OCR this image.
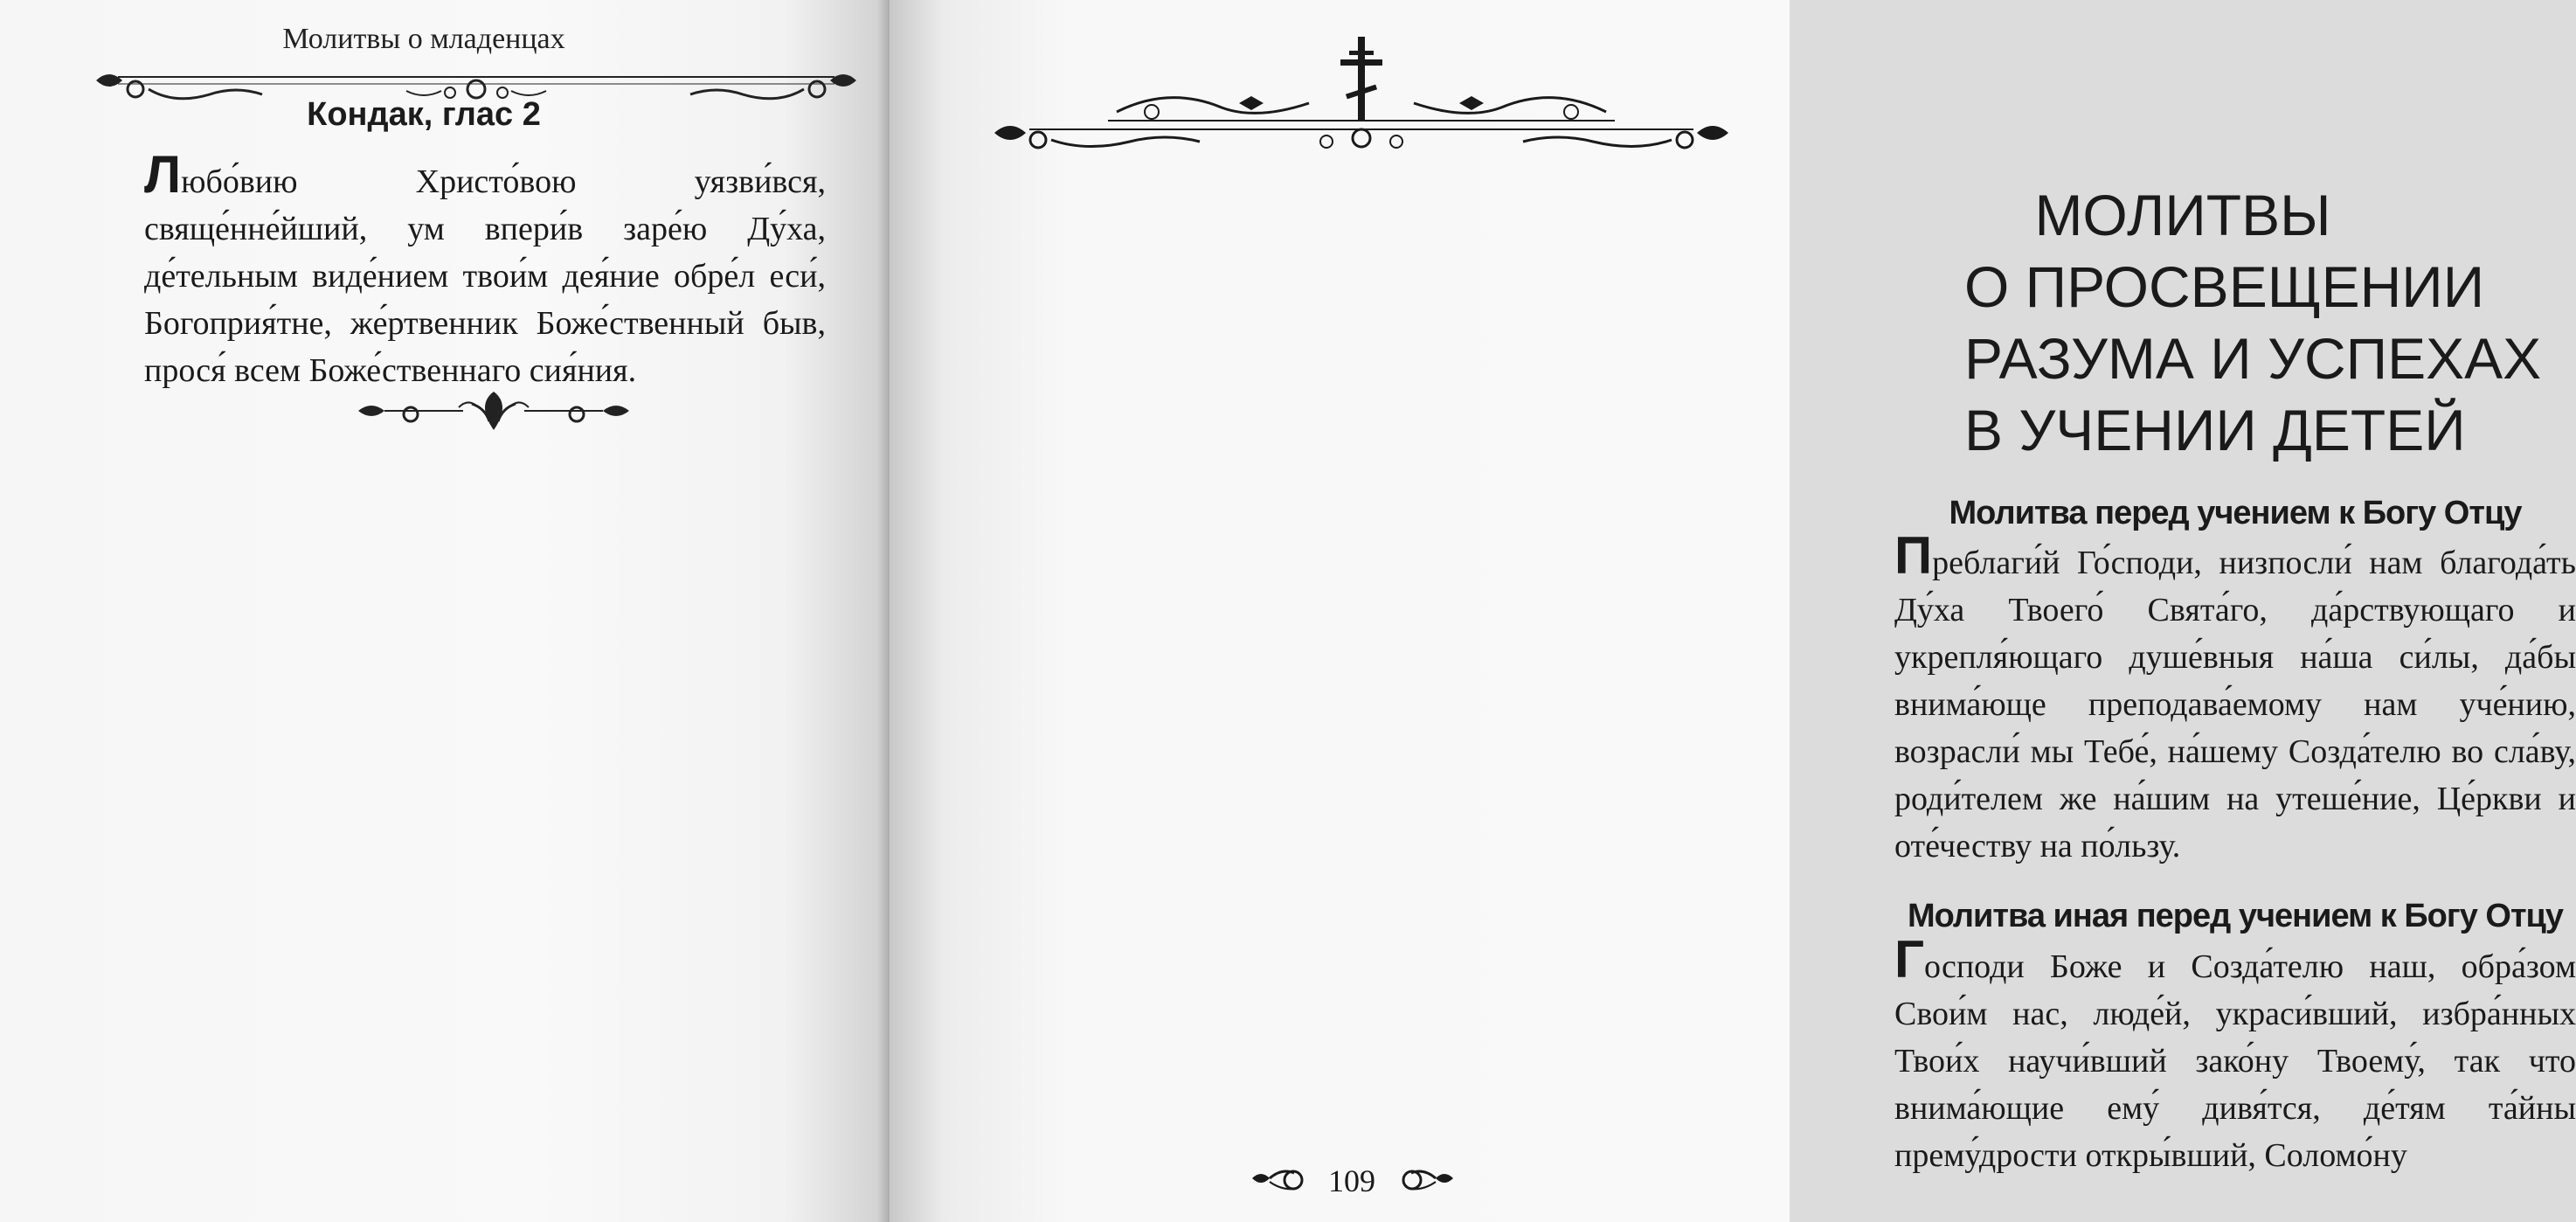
Молитвы о младенцах
Кондак, глас 2
Любо́вию Христо́вою уязви́вся, свяще́нне́йший, ум впери́в заре́ю Ду́ха, де́тельным виде́нием твои́м дея́ние обре́л еси́, Богоприя́тне, же́ртвенник Боже́ственный быв, прося́ всем Боже́ственнаго сия́ния.
МОЛИТВЫ
О ПРОСВЕЩЕНИИ
РАЗУМА И УСПЕХАХ
В УЧЕНИИ ДЕТЕЙ
Молитва перед учением к Богу Отцу
Преблаги́й Го́споди, низпосли́ нам благода́ть Ду́ха Твоего́ Свята́го, да́рствующаго и укрепля́ющаго душе́вныя на́ша си́лы, да́бы внима́юще преподава́емому нам уче́нию, возрасли́ мы Тебе́, на́шему Созда́телю во сла́ву, роди́телем же на́шим на утеше́ние, Це́ркви и оте́честву на по́льзу.
Молитва иная перед учением к Богу Отцу
Господи Боже и Созда́телю наш, обра́зом Свои́м нас, люде́й, украси́вший, избра́нных Твои́х научи́вший зако́ну Твоему́, так что внима́ющие ему́ дивя́тся, де́тям та́йны прему́дрости откры́вший, Соломо́ну
109
